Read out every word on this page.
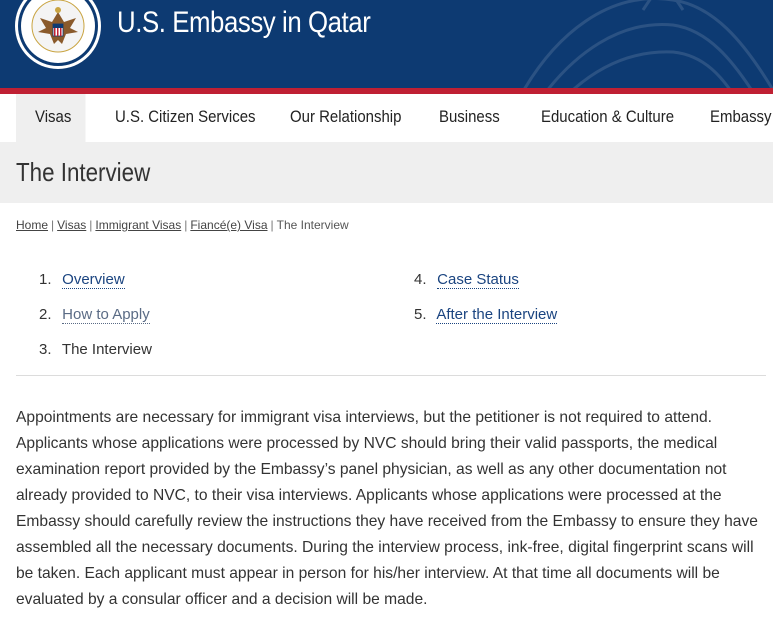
U.S. Embassy in Qatar
Visas	U.S. Citizen Services Our Relationship Business Education & Culture Embassy
The Interview
Home | Visas | Immigrant Visas | Fiancé(e) Visa | The Interview
1. Overview
2. How to Apply
3. The Interview
4. Case Status
5. After the Interview

Appointments are necessary for immigrant visa interviews, but the petitioner is not required to attend. Applicants whose applications were processed by NVC should bring their valid passports, the medical examination report provided by the Embassy’s panel physician, as well as any other documentation not already provided to NVC, to their visa interviews. Applicants whose applications were processed at the Embassy should carefully review the instructions they have received from the Embassy to ensure they have assembled all the necessary documents. During the interview process, ink-free, digital fingerprint scans will be taken. Each applicant must appear in person for his/her interview. At that time all documents will be evaluated by a consular officer and a decision will be made.
